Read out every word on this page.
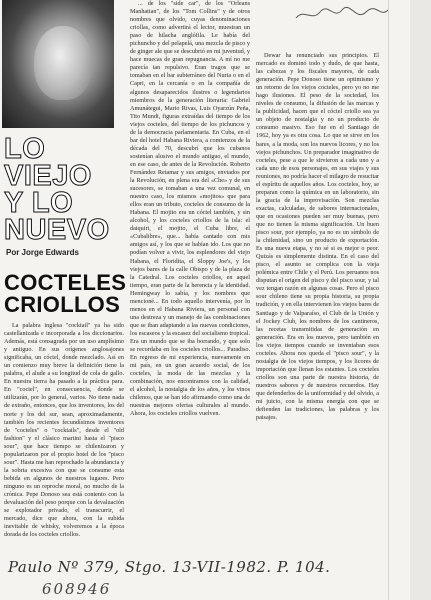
LO VIEJO
Y LO NUEVO
Por Jorge Edwards
COCTELES CRIOLLOS

La palabra inglesa "cocktail" ya ha sido castellanizada e incorporada a los diccionarios. Además, está consagrada por un uso amplísimo y antiguo. En sus orígenes anglosajones significaba, un cóctel, donde mezclado. Así en un comienzo muy breve la definición tiene la palabra, el alude a su longitud de cola de gallo. En nuestra tierra ha pasado a la práctica para. En "coctel", en consecuencia, donde se utilizarán, por lo general, varios. No tiene nada de extraño, entonces, que los inventores, los del norte y los del sur, sean, aproximadamente, también los recientes fecundísimos inventores de "cocteles" o "cocktails", desde el "old fashion" y el clásico martini hasta el "pisco sour", que hace tiempo se chilenizaron y popularizaron por el propio hotel de los "pisco sour". Hasta me han reprochado la abundancia y la sobria excesiva con que se consume esta bebida en algunos de nuestros lugares. Pero ninguno es un reproche moral, no mucho de la crónica. Pepe Donoso sea está contento con la devaluación del peso porque con la devaluación se explotador privado, el transcurrir, el mercado, dice que ahora, con la subida inevitable de whisky, volveremos a la época dorada de los cocteles criollos.

... de los "side car", de los "Orleans Manhattan", de los "Tom Collins" y de otros nombres que olvido, cuyas denominaciones criollas, como advertirá el lector, muestran un paso de hilacha anglófila. Le había del pichuncho y del pelapelá, una mezcla de pisco y de ginger ale que se descubrió en mi juventud, y hace muecas de gran repugnancia. A mí no me parecía tan repulsivo. Eran tragos que se tomaban en el bar subterráneo del Nuria o en el Capri, en la cercanía o en la compañía de algunos desaparecidos ilustres o legendarios miembros de la generación literaria: Gabriel Amunátegui, Mario Rivas, Luis Oyarzún Peña, Tito Mundt, figuras extraídas del tiempo de los viejos cocteles, del tiempo de los pichuncos y de la democracia parlamentaria. En Cuba, en el bar del hotel Habana Riviera, a comienzos de la década del 70, descubrí que los cubanos sostenían alusivo el mundo antiguo, el mundo, en ese caso, de antes de la Revolución. Roberto Fernández Retamar y sus amigos, enviados por la Revolución, en plena era del «Che» y de sus sucesores, se tomaban a una vez comunal, en nuestro caso, los mismos «mojitos» que para ellos eran un tributo, cocteles de consumo de la Habana. El mojito era un cóctel también, y sin alcohol, y los cocteles criollos de la isla: el daiquiri, el mojito, el Cuba libre, el «Cubalibre», que... había cantado con mis amigos así, y los que se habían ido. Los que no podían volver a vivir, los esplendores del viejo Habana, el Floridita, el Sloppy Joe's, y los viejos bares de la calle Obispo y de la plaza de la Catedral. Los cocteles criollos, en aquel tiempo, eran parte de la herencia y la identidad. Hemingway lo sabía, y los nombres que mencioné... En todo aquello intervenía, por lo menos en el Habana Riviera, un personal con una destreza y un manejo de las combinaciones que se iban adaptando a las nuevas condiciones, los escaseos y la escasez del socialismo tropical. Era un mundo que se iba borrando, y que solo se recordaba en los cocteles criollos... Paradiso. En regreso de mi experiencia, nuevamente en mi país, en un gran acuerdo social, de los cocteles, la moda de las mezclas y la combinación, nos encontramos con la calidad, el alcohol, la nostalgia de los años, y los vinos chilenos, que se han ido afirmando como una de nuestras mejores ofertas culturales al mundo. Ahora, los cocteles criollos vuelven.

Dewar ha renunciado sus principios. El mercado es dominó todo y dudo, de que hasta, las cabezas y los fiscales mayores, de cada generación. Pepe Donoso tiene un optimismo y un retorno de los viejos cocteles, pero yo no me hago ilusiones. El peso de la sociedad, los niveles de consumo, la difusión de las marcas y la publicidad, hacen que el cóctel criollo sea ya un objeto de nostalgia y no un producto de consumo masivo. Eso fue en el Santiago de 1962, hoy ya es otra cosa. Lo que se sirve en los bares, a la moda, son los nuevos licores, y no los viejos pichunchos. Un preparador imaginativo de cocteles, pese a que le sirvieron a cada uno y a cada uno de esos personajes, en sus viajes y sus reuniones, no podría hacer el milagro de resucitar el espíritu de aquellos años. Los cocteles, hoy, se preparan como la química en un laboratorio, sin la gracia de la improvisación. Son mezclas exactas, calculadas, de sabores internacionales, que en ocasiones pueden ser muy buenas, pero que no tienen la misma significación. Un buen pisco sour, por ejemplo, ya no es un símbolo de la chilenidad, sino un producto de exportación. Es una nueva etapa, y no sé si es mejor o peor. Quizás es simplemente distinta. En el caso del pisco, el asunto se complica con la vieja polémica entre Chile y el Perú. Los peruanos nos disputan el origen del pisco y del pisco sour, y tal vez tengan razón en algunas cosas. Pero el pisco sour chileno tiene su propia historia, su propia tradición, y en ella intervienen los viejos bares de Santiago y de Valparaíso, el Club de la Unión y el Jockey Club, los nombres de los cantineros, las recetas transmitidas de generación en generación. Era en los nuevos, pero también en los viejos tiempos cuando se inventaban esos cocteles. Ahora nos queda el "pisco sour", y la nostalgia de los viejos tiempos, y los licores de importación que llenan los estantes. Los cocteles criollos son una parte de nuestra historia, de nuestros sabores y de nuestros recuerdos. Hay que defenderlos de la uniformidad y del olvido, a mi juicio, con la misma energía con que se defienden las tradiciones, las palabras y los paisajes.

Paulo Nº 379, Stgo. 13-VII-1982. P. 104.
608946
